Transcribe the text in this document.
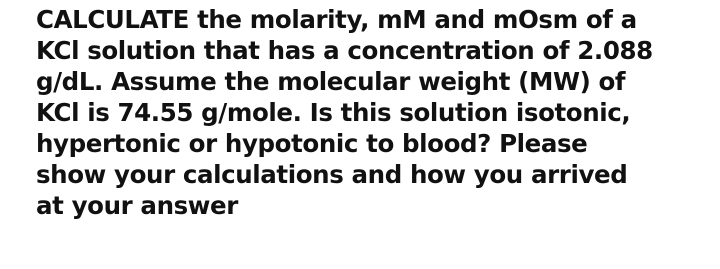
CALCULATE the molarity, mM and mOsm of a
KCl solution that has a concentration of 2.088
g/dL. Assume the molecular weight (MW) of
KCl is 74.55 g/mole. Is this solution isotonic,
hypertonic or hypotonic to blood? Please
show your calculations and how you arrived
at your answer
